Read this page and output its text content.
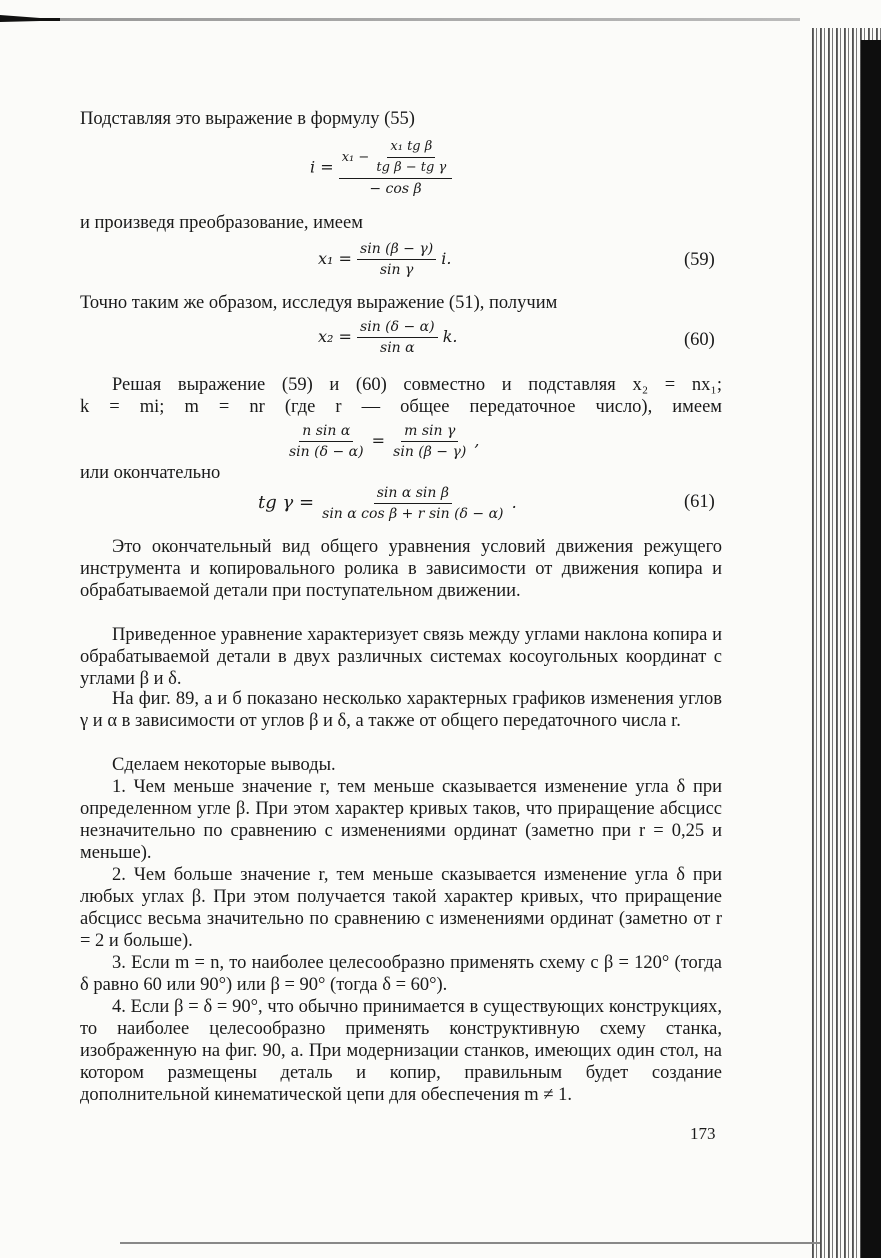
Подставляя это выражение в формулу (55)
$i = \frac{x_1 - \frac{\text{x₁ tg β}}{\text{tg β − tg γ}}}{\text{− cos β}}$
и произведя преобразование, имеем
$x_1 = \frac{\sin (\beta - \gamma)}{\text{sin γ}} i$.	(59)
Точно таким же образом, исследуя выражение (51), получим
$x_2 = \frac{\sin (\delta - \alpha)}{\text{sin α}} k$.	(60)
Решая выражение (59) и (60) совместно и подставляя x₂ = nx₁;
k = mi; m = nr (где r — общее передаточное число), имеем
$\frac{\text{n sin α}}{\sin (\delta - \alpha)} = \frac{\text{m sin γ}}{\sin (\beta - \gamma)}$ ,
или окончательно
tg $\gamma = \frac{\text{sin α sin β}}{\text{sin α cos β + r sin (δ − α)}}$ .	(61)
Это окончательный вид общего уравнения условий движения режущего инструмента и копировального ролика в зависимости от движения копира и обрабатываемой детали при поступательном движении.
Приведенное уравнение характеризует связь между углами наклона копира и обрабатываемой детали в двух различных системах косоугольных координат с углами β и δ.
На фиг. 89, а и б показано несколько характерных графиков изменения углов γ и α в зависимости от углов β и δ, а также от общего передаточного числа r.
Сделаем некоторые выводы.
1. Чем меньше значение r, тем меньше сказывается изменение угла δ при определенном угле β. При этом характер кривых таков, что приращение абсцисс незначительно по сравнению с изменениями ординат (заметно при r = 0,25 и меньше).
2. Чем больше значение r, тем меньше сказывается изменение угла δ при любых углах β. При этом получается такой характер кривых, что приращение абсцисс весьма значительно по сравнению с изменениями ординат (заметно от r = 2 и больше).
3. Если m = n, то наиболее целесообразно применять схему с β = 120° (тогда δ равно 60 или 90°) или β = 90° (тогда δ = 60°).
4. Если β = δ = 90°, что обычно принимается в существующих конструкциях, то наиболее целесообразно применять конструктивную схему станка, изображенную на фиг. 90, а. При модернизации станков, имеющих один стол, на котором размещены деталь и копир, правильным будет создание дополнительной кинематической цепи для обеспечения m ≠ 1.
173
